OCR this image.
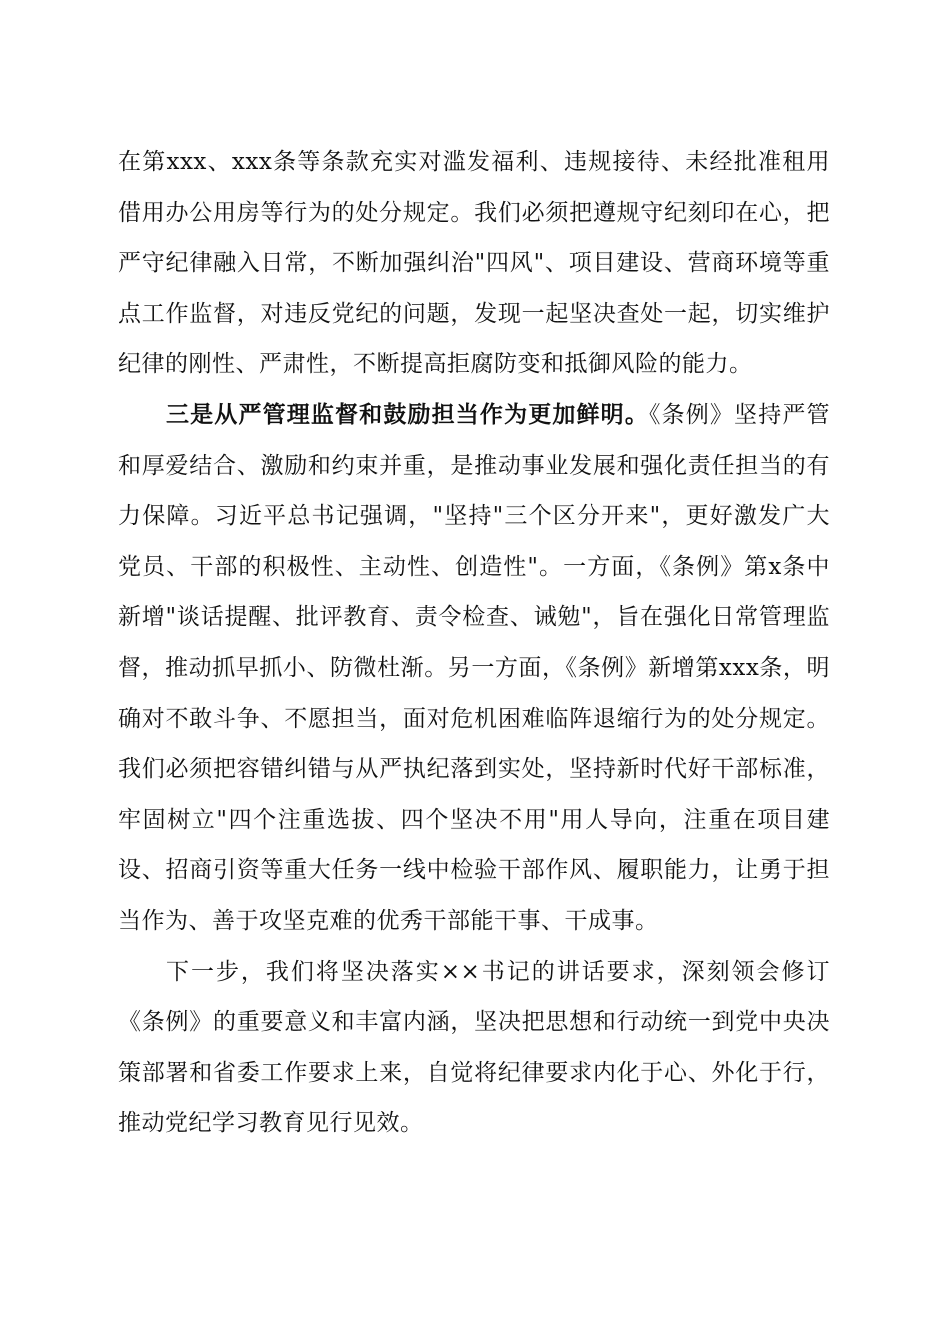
在第xxx、xxx条等条款充实对滥发福利、违规接待、未经批准租用借用办公用房等行为的处分规定。我们必须把遵规守纪刻印在心，把严守纪律融入日常，不断加强纠治"四风"、项目建设、营商环境等重点工作监督，对违反党纪的问题，发现一起坚决查处一起，切实维护纪律的刚性、严肃性，不断提高拒腐防变和抵御风险的能力。

三是从严管理监督和鼓励担当作为更加鲜明。《条例》坚持严管和厚爱结合、激励和约束并重，是推动事业发展和强化责任担当的有力保障。习近平总书记强调，"坚持"三个区分开来"，更好激发广大党员、干部的积极性、主动性、创造性"。一方面，《条例》第x条中新增"谈话提醒、批评教育、责令检查、诫勉"，旨在强化日常管理监督，推动抓早抓小、防微杜渐。另一方面，《条例》新增第xxx条，明确对不敢斗争、不愿担当，面对危机困难临阵退缩行为的处分规定。我们必须把容错纠错与从严执纪落到实处，坚持新时代好干部标准，牢固树立"四个注重选拔、四个坚决不用"用人导向，注重在项目建设、招商引资等重大任务一线中检验干部作风、履职能力，让勇于担当作为、善于攻坚克难的优秀干部能干事、干成事。

下一步，我们将坚决落实××书记的讲话要求，深刻领会修订《条例》的重要意义和丰富内涵，坚决把思想和行动统一到党中央决策部署和省委工作要求上来，自觉将纪律要求内化于心、外化于行，推动党纪学习教育见行见效。
